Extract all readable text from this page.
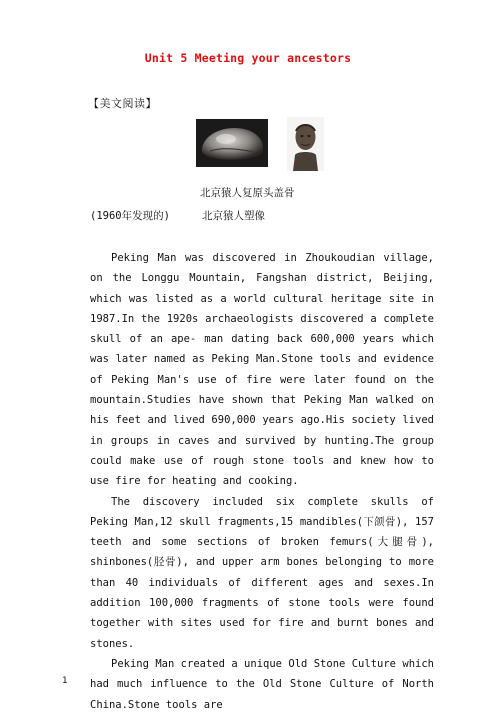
Unit 5 Meeting your ancestors
【美文阅读】
北京猿人复原头盖骨
(1960年发现的)	北京猿人塑像

Peking Man was discovered in Zhoukoudian village, on the Longgu Mountain, Fangshan district, Beijing, which was listed as a world cultural heritage site in 1987.In the 1920s archaeologists discovered a complete skull of an ape- man dating back 600,000 years which was later named as Peking Man.Stone tools and evidence of Peking Man's use of fire were later found on the mountain.Studies have shown that Peking Man walked on his feet and lived 690,000 years ago.His society lived in groups in caves and survived by hunting.The group could make use of rough stone tools and knew how to use fire for heating and cooking.

The discovery included six complete skulls of Peking Man,12 skull fragments,15 mandibles(下颌骨), 157 teeth and some sections of broken femurs(大腿骨), shinbones(胫骨), and upper arm bones belonging to more than 40 individuals of different ages and sexes.In addition 100,000 fragments of stone tools were found together with sites used for fire and burnt bones and stones.

Peking Man created a unique Old Stone Culture which had much influence to the Old Stone Culture of North China.Stone tools are

1
